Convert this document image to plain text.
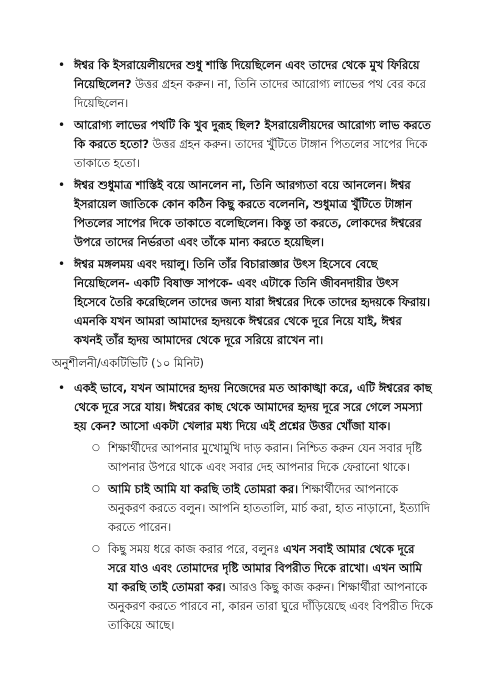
• ঈশ্বর কি ইসরায়েলীয়দের শুধু শাস্তি দিয়েছিলেন এবং তাদের থেকে মুখ ফিরিয়ে নিয়েছিলেন? উত্তর গ্রহন করুন। না, তিনি তাদের আরোগ্য লাভের পথ বের করে দিয়েছিলেন।
• আরোগ্য লাভের পথটি কি খুব দুরূহ ছিল? ইসরায়েলীয়দের আরোগ্য লাভ করতে কি করতে হতো? উত্তর গ্রহন করুন। তাদের খুঁটিতে টাঙ্গান পিতলের সাপের দিকে তাকাতে হতো।
• ঈশ্বর শুধুমাত্র শাস্তিই বয়ে আনলেন না, তিনি আরগ্যতা বয়ে আনলেন। ঈশ্বর ইসরায়েল জাতিকে কোন কঠিন কিছু করতে বলেননি, শুধুমাত্র খুঁটিতে টাঙ্গান পিতলের সাপের দিকে তাকাতে বলেছিলেন। কিন্তু তা করতে, লোকদের ঈশ্বরের উপরে তাদের নির্ভরতা এবং তাঁকে মান্য করতে হয়েছিল।
• ঈশ্বর মঙ্গলময় এবং দয়ালু। তিনি তাঁর বিচারাজ্ঞার উৎস হিসেবে বেছে নিয়েছিলেন- একটি বিষাক্ত সাপকে- এবং এটাকে তিনি জীবনদায়ীর উৎস হিসেবে তৈরি করেছিলেন তাদের জন্য যারা ঈশ্বরের দিকে তাদের হৃদয়কে ফিরায়। এমনকি যখন আমরা আমাদের হৃদয়কে ঈশ্বরের থেকে দূরে নিয়ে যাই, ঈশ্বর কখনই তাঁর হৃদয় আমাদের থেকে দূরে সরিয়ে রাখেন না।
অনুশীলনী/একটিভিটি (১০ মিনিট)
• একই ভাবে, যখন আমাদের হৃদয় নিজেদের মত আকাঙ্খা করে, এটি ঈশ্বরের কাছ থেকে দূরে সরে যায়। ঈশ্বরের কাছ থেকে আমাদের হৃদয় দূরে সরে গেলে সমস্যা হয় কেন? আসো একটা খেলার মধ্য দিয়ে এই প্রশ্নের উত্তর খোঁজা যাক।
○ শিক্ষার্থীদের আপনার মুখোমুখি দাড় করান। নিশ্চিত করুন যেন সবার দৃষ্টি আপনার উপরে থাকে এবং সবার দেহ আপনার দিকে ফেরানো থাকে।
○ আমি চাই আমি যা করছি তাই তোমরা কর। শিক্ষার্থীদের আপনাকে অনুকরণ করতে বলুন। আপনি হাততালি, মার্চ করা, হাত নাড়ানো, ইত্যাদি করতে পারেন।
○ কিছু সময় ধরে কাজ করার পরে, বলুনঃ এখন সবাই আমার থেকে দূরে সরে যাও এবং তোমাদের দৃষ্টি আমার বিপরীত দিকে রাখো। এখন আমি যা করছি তাই তোমরা কর। আরও কিছু কাজ করুন। শিক্ষার্থীরা আপনাকে অনুকরণ করতে পারবে না, কারন তারা ঘুরে দাঁড়িয়েছে এবং বিপরীত দিকে তাকিয়ে আছে।
